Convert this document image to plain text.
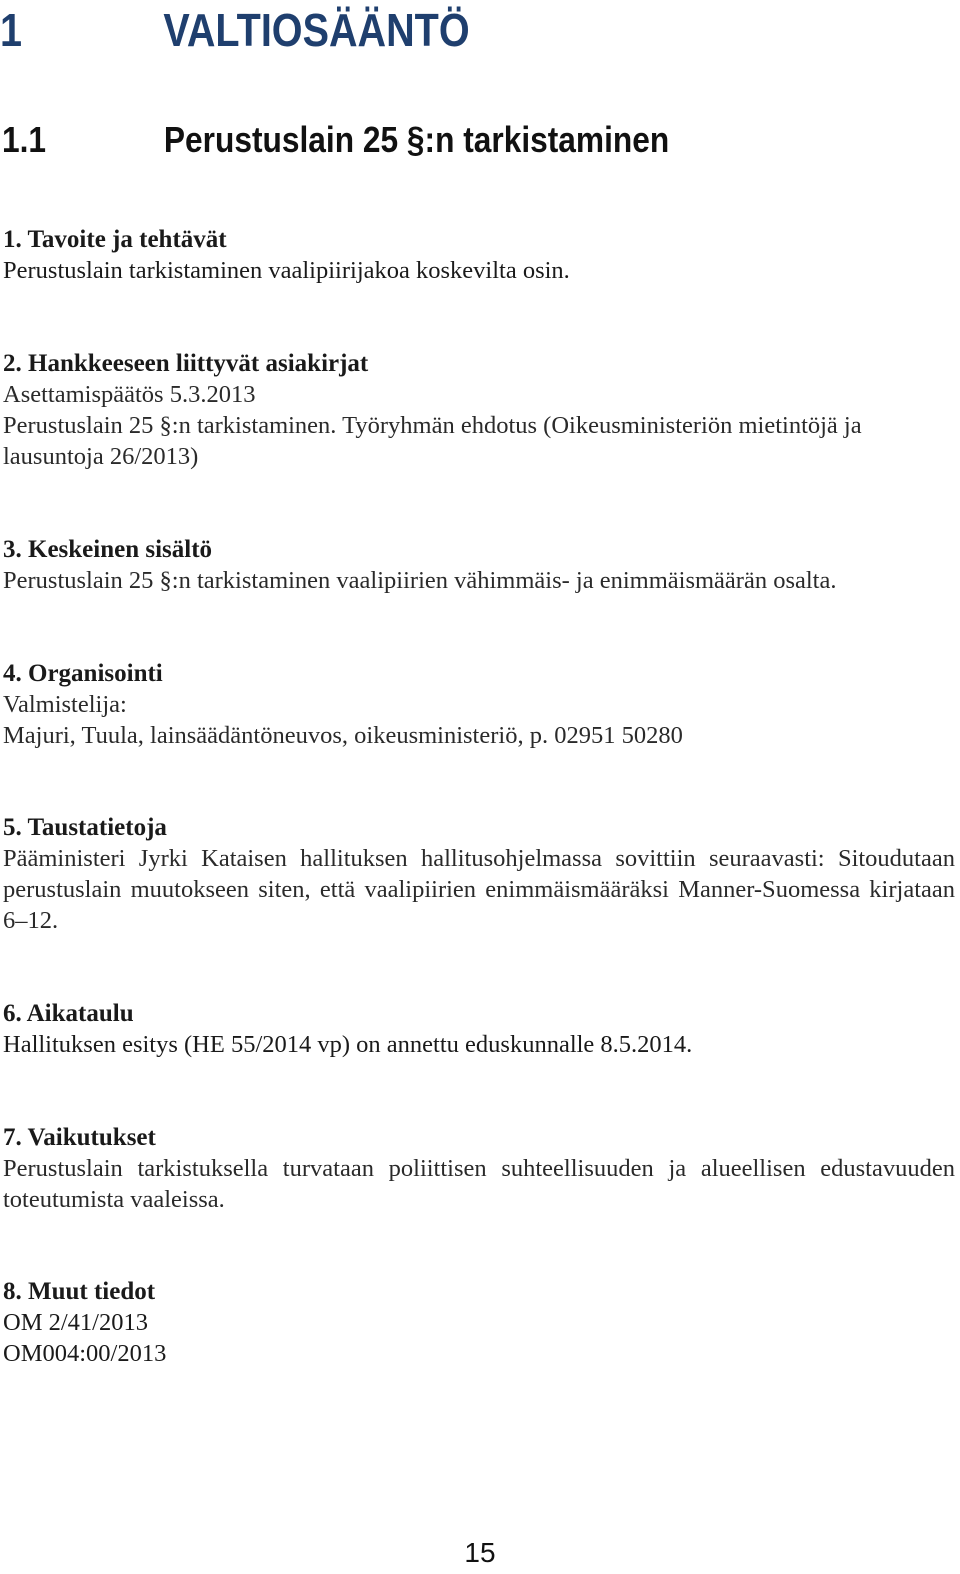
1	VALTIOSÄÄNTÖ
1.1	Perustuslain 25 §:n tarkistaminen
1. Tavoite ja tehtävät
Perustuslain tarkistaminen vaalipiirijakoa koskevilta osin.
2. Hankkeeseen liittyvät asiakirjat
Asettamispäätös 5.3.2013
Perustuslain 25 §:n tarkistaminen. Työryhmän ehdotus (Oikeusministeriön mietintöjä ja
lausuntoja 26/2013)
3. Keskeinen sisältö
Perustuslain 25 §:n tarkistaminen vaalipiirien vähimmäis- ja enimmäismäärän osalta.
4. Organisointi
Valmistelija:
Majuri, Tuula, lainsäädäntöneuvos, oikeusministeriö, p. 02951 50280
5. Taustatietoja
Pääministeri Jyrki Kataisen hallituksen hallitusohjelmassa sovittiin seuraavasti: Sitoudutaan perustuslain muutokseen siten, että vaalipiirien enimmäismääräksi Manner-Suomessa kirjataan 6–12.
6. Aikataulu
Hallituksen esitys (HE 55/2014 vp) on annettu eduskunnalle 8.5.2014.
7. Vaikutukset
Perustuslain tarkistuksella turvataan poliittisen suhteellisuuden ja alueellisen edustavuuden toteutumista vaaleissa.
8. Muut tiedot
OM 2/41/2013
OM004:00/2013
15
